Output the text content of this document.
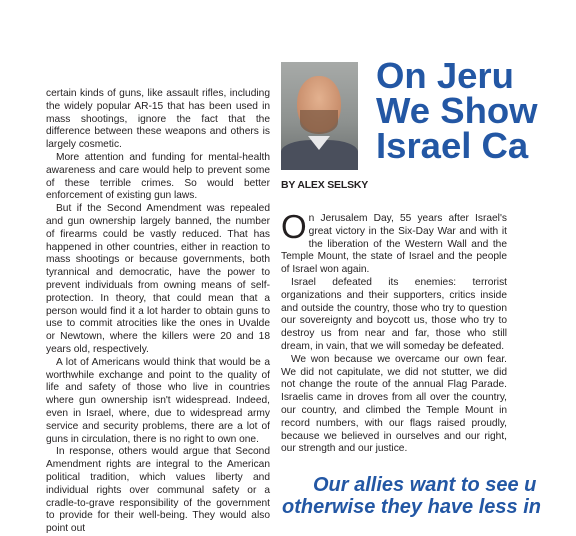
certain kinds of guns, like assault rifles, including the widely popular AR-15 that has been used in mass shootings, ignore the fact that the difference between these weapons and others is largely cosmetic.

More attention and funding for mental-health awareness and care would help to prevent some of these terrible crimes. So would better enforcement of existing gun laws.

But if the Second Amendment was repealed and gun ownership largely banned, the number of firearms could be vastly reduced. That has happened in other countries, either in reaction to mass shootings or because governments, both tyrannical and democratic, have the power to prevent individuals from owning means of self-protection. In theory, that could mean that a person would find it a lot harder to obtain guns to use to commit atrocities like the ones in Uvalde or Newtown, where the killers were 20 and 18 years old, respectively.

A lot of Americans would think that would be a worthwhile exchange and point to the quality of life and safety of those who live in countries where gun ownership isn't widespread. Indeed, even in Israel, where, due to widespread army service and security problems, there are a lot of guns in circulation, there is no right to own one.

In response, others would argue that Second Amendment rights are integral to the American political tradition, which values liberty and individual rights over communal safety or a cradle-to-grave responsibility of the government to provide for their well-being. They would also point out

On Jeru
We Show
Israel Ca
BY ALEX SELSKY

On Jerusalem Day, 55 years after Israel's great victory in the Six-Day War and with it the liberation of the Western Wall and the Temple Mount, the state of Israel and the people of Israel won again.

Israel defeated its enemies: terrorist organizations and their supporters, critics inside and outside the country, those who try to question our sovereignty and boycott us, those who try to destroy us from near and far, those who still dream, in vain, that we will someday be defeated.

We won because we overcame our own fear. We did not capitulate, we did not stutter, we did not change the route of the annual Flag Parade. Israelis came in droves from all over the country, our country, and climbed the Temple Mount in record numbers, with our flags raised proudly, because we believed in ourselves and our right, our strength and our justice.

Our allies want to see u
otherwise they have less in
